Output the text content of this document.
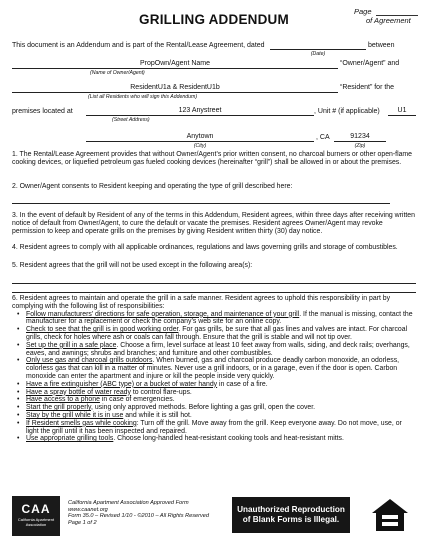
GRILLING ADDENDUM
Page
of Agreement
This document is an Addendum and is part of the Rental/Lease Agreement, dated	between
(Date)
PropOwn/Agent Name	“Owner/Agent” and
(Name of Owner/Agent)
ResidentU1a & ResidentU1b	“Resident” for the
(List all Residents who will sign this Addendum)
premises located at	123 Anystreet	, Unit # (if applicable)	U1
(Street Address)
Anytown	, CA	91234
(City)	(Zip)
1. The Rental/Lease Agreement provides that without Owner/Agent’s prior written consent, no charcoal burners or other open-flame cooking devices, or liquefied petroleum gas fueled cooking devices (hereinafter “grill”) shall be allowed in or about the premises.
2. Owner/Agent consents to Resident keeping and operating the type of grill described here:
3. In the event of default by Resident of any of the terms in this Addendum, Resident agrees, within three days after receiving written notice of default from Owner/Agent, to cure the default or vacate the premises. Resident agrees Owner/Agent may revoke permission to keep and operate grills on the premises by giving Resident written thirty (30) day notice.
4. Resident agrees to comply with all applicable ordinances, regulations and laws governing grills and storage of combustibles.
5. Resident agrees that the grill will not be used except in the following area(s):
6. Resident agrees to maintain and operate the grill in a safe manner. Resident agrees to uphold this responsibility in part by complying with the following list of responsibilities:
• Follow manufacturers’ directions for safe operation, storage, and maintenance of your grill. If the manual is missing, contact the manufacturer for a replacement or check the company’s web site for an online copy.
• Check to see that the grill is in good working order. For gas grills, be sure that all gas lines and valves are intact. For charcoal grills, check for holes where ash or coals can fall through. Ensure that the grill is stable and will not tip over.
• Set up the grill in a safe place. Choose a firm, level surface at least 10 feet away from walls, siding, and deck rails; overhangs, eaves, and awnings; shrubs and branches; and furniture and other combustibles.
• Only use gas and charcoal grills outdoors. When burned, gas and charcoal produce deadly carbon monoxide, an odorless, colorless gas that can kill in a matter of minutes. Never use a grill indoors, or in a garage, even if the door is open. Carbon monoxide can enter the apartment and injure or kill the people inside very quickly.
• Have a fire extinguisher (ABC type) or a bucket of water handy in case of a fire.
• Have a spray bottle of water ready to control flare-ups.
• Have access to a phone in case of emergencies.
• Start the grill properly, using only approved methods. Before lighting a gas grill, open the cover.
• Stay by the grill while it is in use and while it is still hot.
• If Resident smells gas while cooking: Turn off the grill. Move away from the grill. Keep everyone away. Do not move, use, or light the grill until it has been inspected and repaired.
• Use appropriate grilling tools. Choose long-handled heat-resistant cooking tools and heat-resistant mitts.
CAA
California Apartment Association
California Apartment Association Approved Form
www.caanet.org
Form 35.0 – Revised 1/10 - ©2010 – All Rights Reserved
Page 1 of 2
Unauthorized Reproduction
of Blank Forms is Illegal.
